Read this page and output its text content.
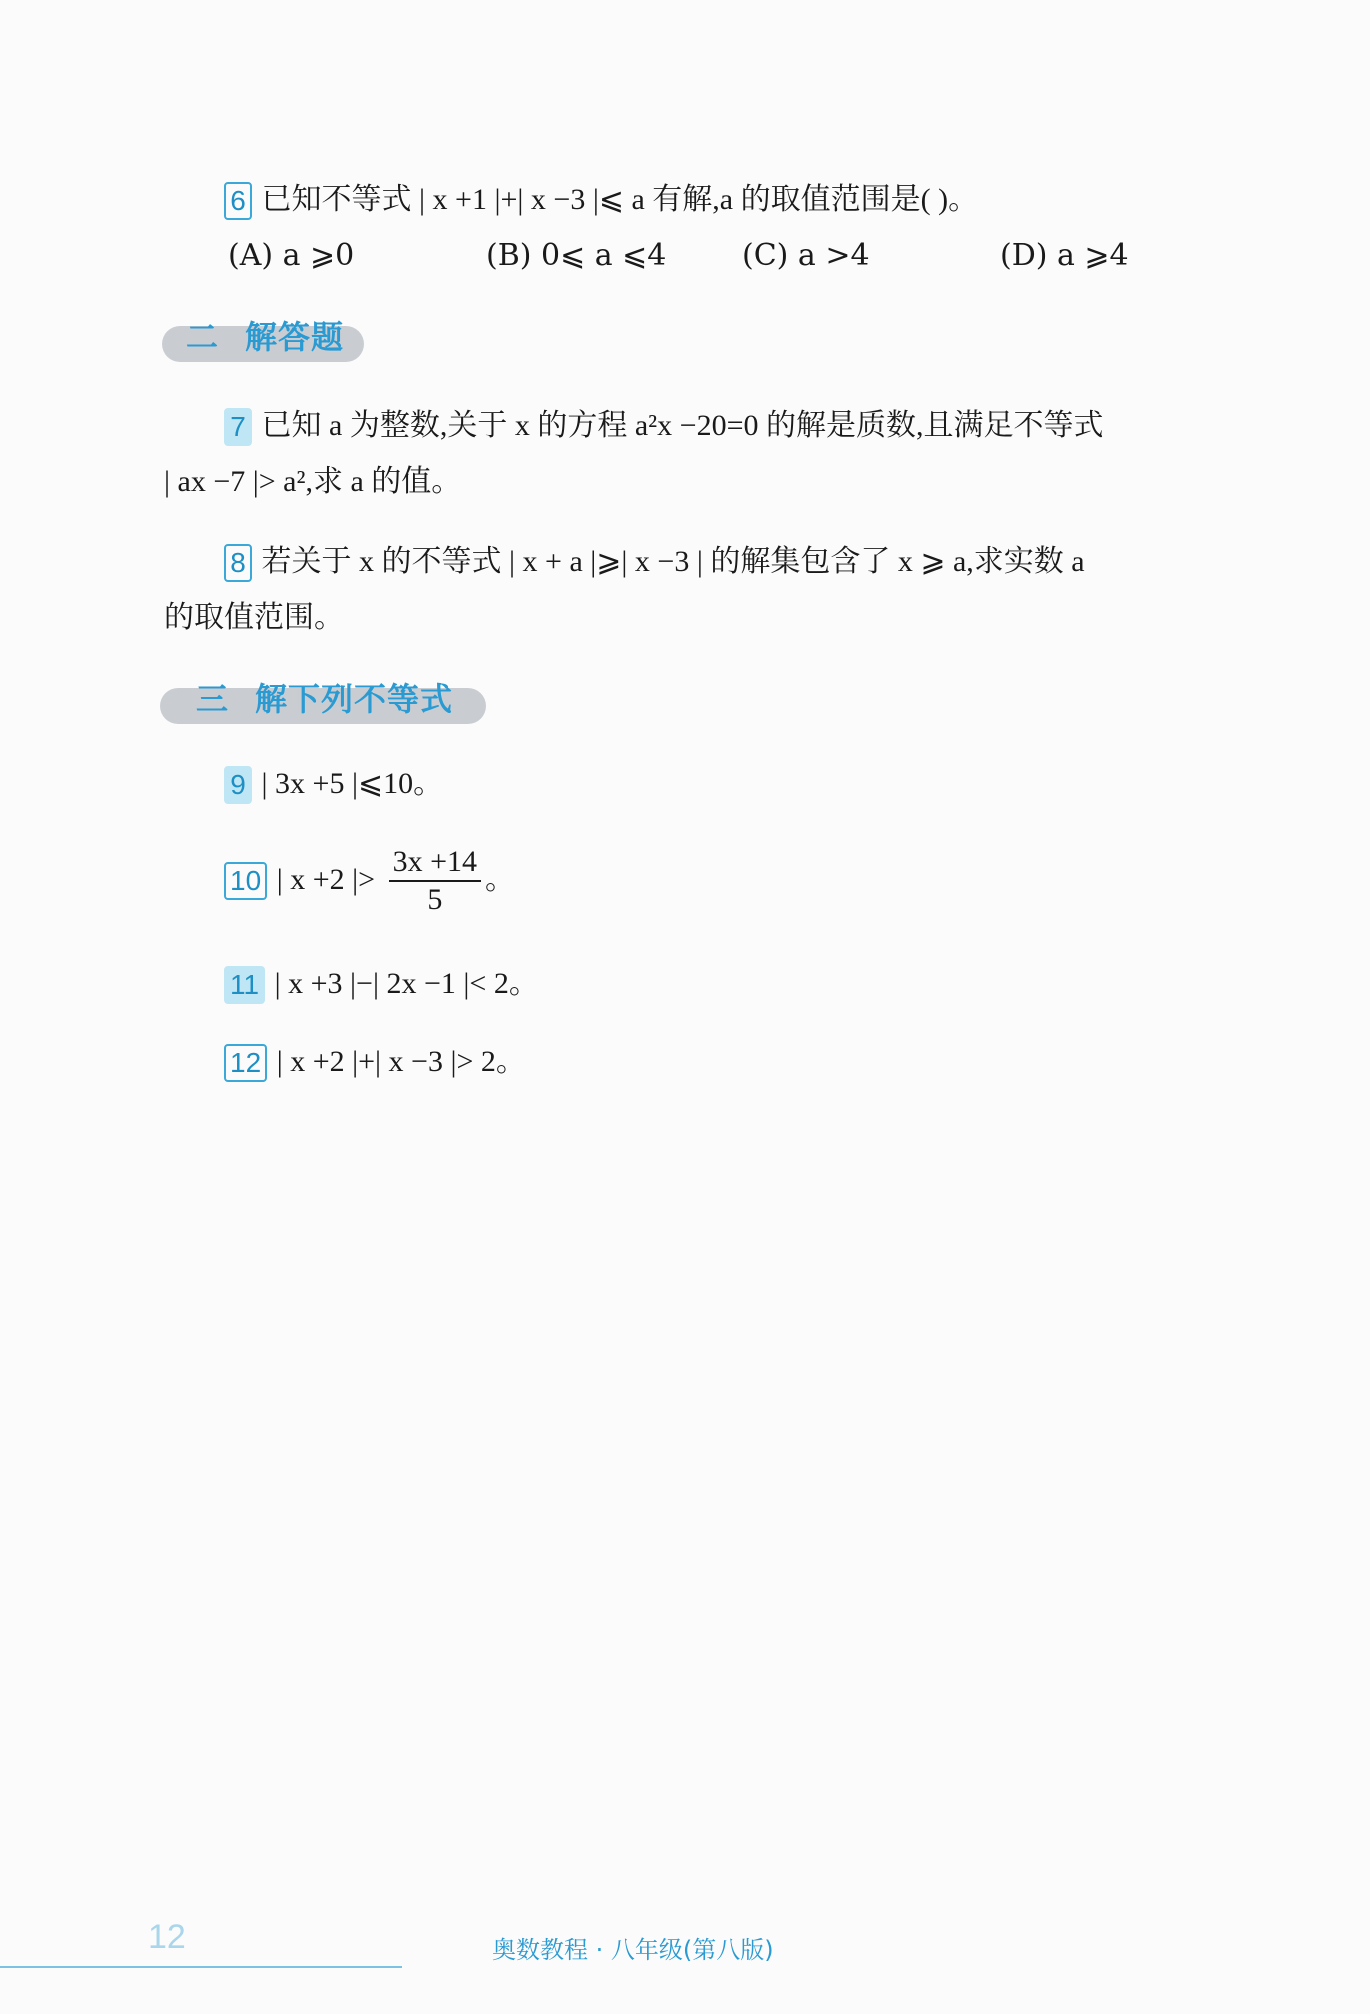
6 已知不等式 | x +1 |+| x −3 |⩽ a 有解,a 的取值范围是( )。
(A) a ⩾0	(B) 0⩽ a ⩽4	(C) a >4	(D) a ⩾4
二 解答题
7 已知 a 为整数,关于 x 的方程 a²x −20=0 的解是质数,且满足不等式
| ax −7 |> a²,求 a 的值。
8 若关于 x 的不等式 | x + a |⩾| x −3 | 的解集包含了 x ⩾ a,求实数 a
的取值范围。
三 解下列不等式
9 | 3x +5 |⩽10。
10 | x +2 |> $\frac{3x +14}{5}$ 。
11 | x +3 |−| 2x −1 |< 2。
12 | x +2 |+| x −3 |> 2。
12	奥数教程 · 八年级(第八版)
